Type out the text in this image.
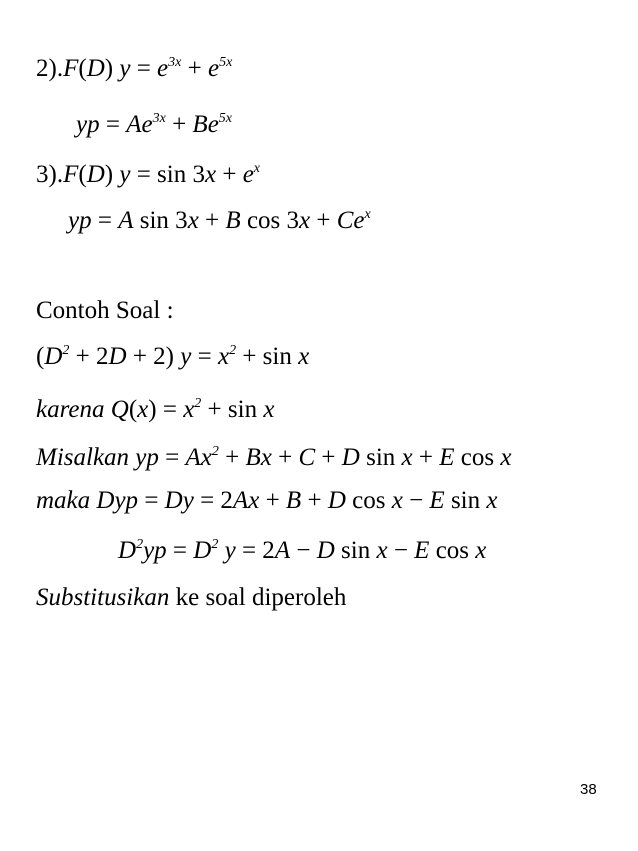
2).F(D) $y = e^{3x} + e^{5x}$
yp = $Ae^{3x} + Be^{5x}$
3).F(D) $y = \sin 3x + e^x$
yp = A sin 3x + B $\cos 3x + Ce^x$
Contoh Soal :
$(D^2 + 2D + 2) y = x^2 + \sin x$
karena $Q(x) = x^2 + \sin x$
Misalkan yp = $Ax^2 + Bx + C + D$ sin x + E cos x
maka Dyp = Dy = 2Ax + B + D cos x − E sin x
$D^2yp = D^2$ y = 2A − D sin x − E cos x
Substitusikan ke soal diperoleh
38
